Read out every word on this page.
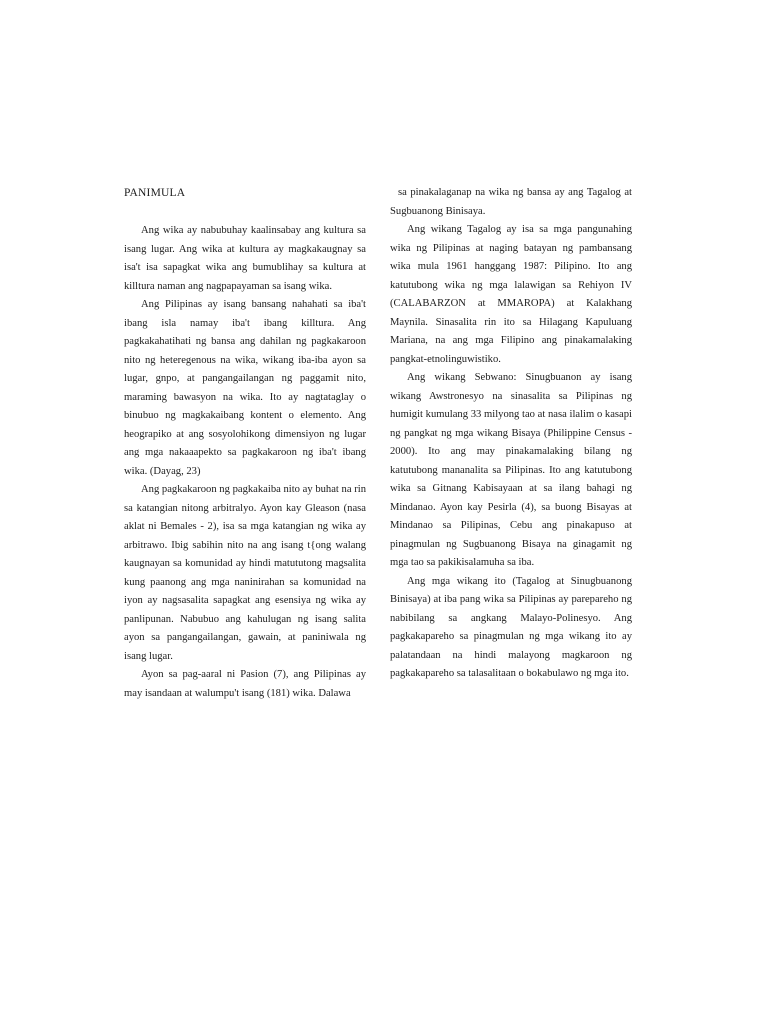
PANIMULA

Ang wika ay nabubuhay kaalinsabay ang kultura sa isang lugar. Ang wika at kultura ay magkakaugnay sa isa't isa sapagkat wika ang bumublihay sa kultura at killtura naman ang nagpapayaman sa isang wika.

Ang Pilipinas ay isang bansang nahahati sa iba't ibang isla namay iba't ibang killtura. Ang pagkakahatihati ng bansa ang dahilan ng pagkakaroon nito ng heteregenous na wika, wikang iba-iba ayon sa lugar, gnpo, at pangangailangan ng paggamit nito, maraming bawasyon na wika. Ito ay nagtataglay o binubuo ng magkakaibang kontent o elemento. Ang heograpiko at ang sosyolohikong dimensiyon ng lugar ang mga nakaaapekto sa pagkakaroon ng iba't ibang wika. (Dayag, 23)

Ang pagkakaroon ng pagkakaiba nito ay buhat na rin sa katangian nitong arbitralyo. Ayon kay Gleason (nasa aklat ni Bemales - 2), isa sa mga katangian ng wika ay arbitrawo. Ibig sabihin nito na ang isang t{ong walang kaugnayan sa komunidad ay hindi matututong magsalita kung paanong ang mga naninirahan sa komunidad na iyon ay nagsasalita sapagkat ang esensiya ng wika ay panlipunan. Nabubuo ang kahulugan ng isang salita ayon sa pangangailangan, gawain, at paniniwala ng isang lugar.

Ayon sa pag-aaral ni Pasion (7), ang Pilipinas ay may isandaan at walumpu't isang (181) wika. Dalawa

sa pinakalaganap na wika ng bansa ay ang Tagalog at Sugbuanong Binisaya.

Ang wikang Tagalog ay isa sa mga pangunahing wika ng Pilipinas at naging batayan ng pambansang wika mula 1961 hanggang 1987: Pilipino. Ito ang katutubong wika ng mga lalawigan sa Rehiyon IV (CALABARZON at MMAROPA) at Kalakhang Maynila. Sinasalita rin ito sa Hilagang Kapuluang Mariana, na ang mga Filipino ang pinakamalaking pangkat-etnolinguwistiko.

Ang wikang Sebwano: Sinugbuanon ay isang wikang Awstronesyo na sinasalita sa Pilipinas ng humigit kumulang 33 milyong tao at nasa ilalim o kasapi ng pangkat ng mga wikang Bisaya (Philippine Census - 2000). Ito ang may pinakamalaking bilang ng katutubong mananalita sa Pilipinas. Ito ang katutubong wika sa Gitnang Kabisayaan at sa ilang bahagi ng Mindanao. Ayon kay Pesirla (4), sa buong Bisayas at Mindanao sa Pilipinas, Cebu ang pinakapuso at pinagmulan ng Sugbuanong Bisaya na ginagamit ng mga tao sa pakikisalamuha sa iba.

Ang mga wikang ito (Tagalog at Sinugbuanong Binisaya) at iba pang wika sa Pilipinas ay parepareho ng nabibilang sa angkang Malayo-Polinesyo. Ang pagkakapareho sa pinagmulan ng mga wikang ito ay palatandaan na hindi malayong magkaroon ng pagkakapareho sa talasalitaan o bokabulawo ng mga ito.
